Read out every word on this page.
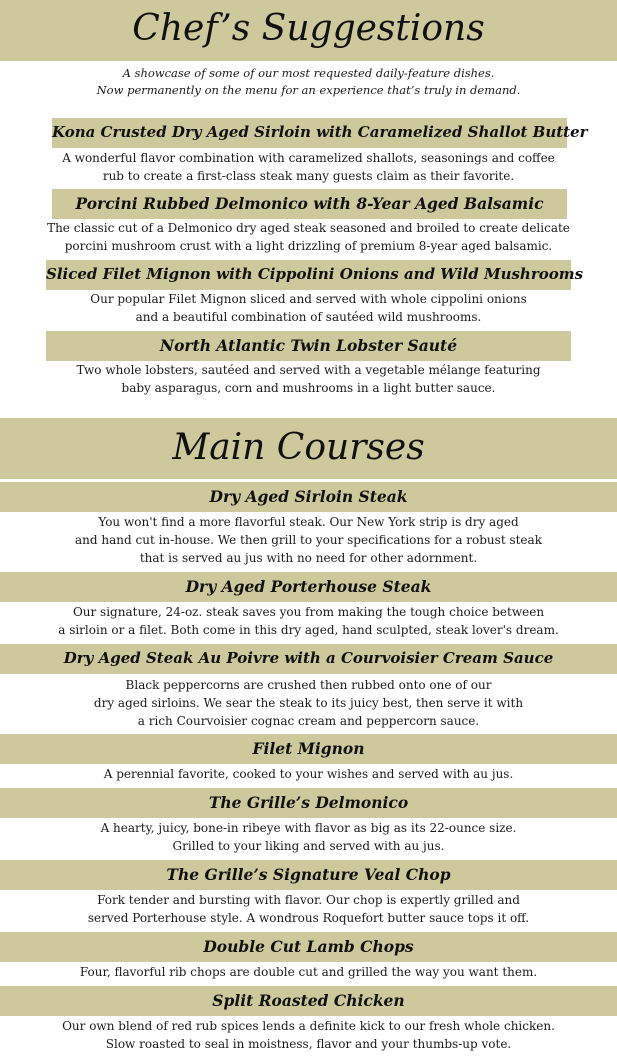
Chef’s Suggestions
A showcase of some of our most requested daily-feature dishes.
Now permanently on the menu for an experience that’s truly in demand.
Kona Crusted Dry Aged Sirloin with Caramelized Shallot Butter
A wonderful flavor combination with caramelized shallots, seasonings and coffee
rub to create a first-class steak many guests claim as their favorite.
Porcini Rubbed Delmonico with 8-Year Aged Balsamic
The classic cut of a Delmonico dry aged steak seasoned and broiled to create delicate
porcini mushroom crust with a light drizzling of premium 8-year aged balsamic.
Sliced Filet Mignon with Cippolini Onions and Wild Mushrooms
Our popular Filet Mignon sliced and served with whole cippolini onions
and a beautiful combination of sautéed wild mushrooms.
North Atlantic Twin Lobster Sauté
Two whole lobsters, sautéed and served with a vegetable mélange featuring
baby asparagus, corn and mushrooms in a light butter sauce.
Main Courses
Dry Aged Sirloin Steak
You won't find a more flavorful steak. Our New York strip is dry aged
and hand cut in-house. We then grill to your specifications for a robust steak
that is served au jus with no need for other adornment.
Dry Aged Porterhouse Steak
Our signature, 24-oz. steak saves you from making the tough choice between
a sirloin or a filet. Both come in this dry aged, hand sculpted, steak lover's dream.
Dry Aged Steak Au Poivre with a Courvoisier Cream Sauce
Black peppercorns are crushed then rubbed onto one of our
dry aged sirloins. We sear the steak to its juicy best, then serve it with
a rich Courvoisier cognac cream and peppercorn sauce.
Filet Mignon
A perennial favorite, cooked to your wishes and served with au jus.
The Grille’s Delmonico
A hearty, juicy, bone-in ribeye with flavor as big as its 22-ounce size.
Grilled to your liking and served with au jus.
The Grille’s Signature Veal Chop
Fork tender and bursting with flavor. Our chop is expertly grilled and
served Porterhouse style. A wondrous Roquefort butter sauce tops it off.
Double Cut Lamb Chops
Four, flavorful rib chops are double cut and grilled the way you want them.
Split Roasted Chicken
Our own blend of red rub spices lends a definite kick to our fresh whole chicken.
Slow roasted to seal in moistness, flavor and your thumbs-up vote.
